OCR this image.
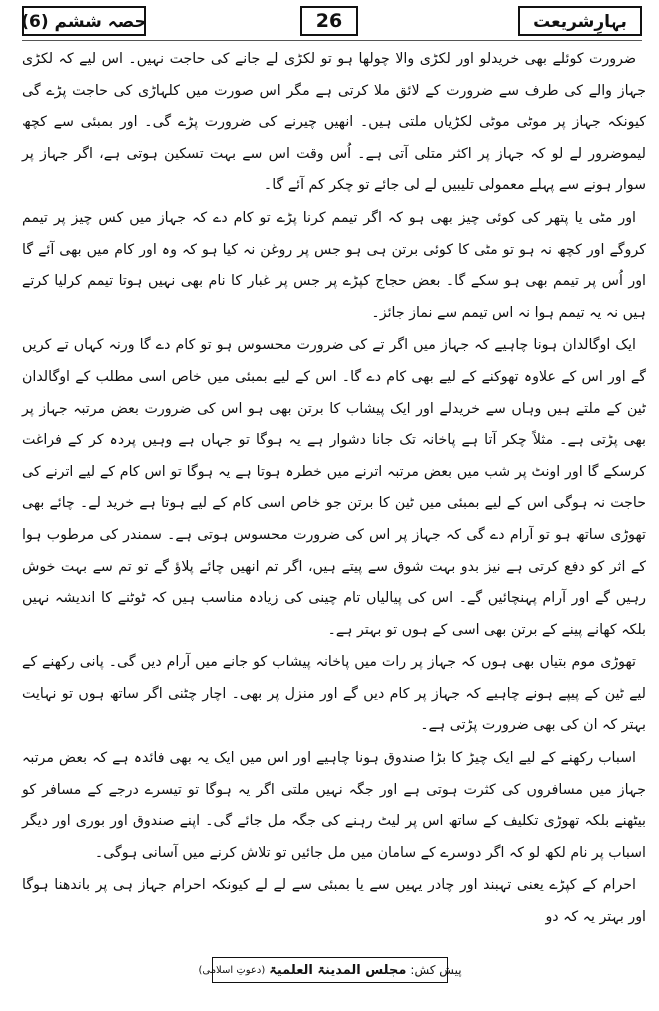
بہارِشریعت
26
حصہ ششم (6)

ضرورت کوئلے بھی خریدلو اور لکڑی والا چولھا ہو تو لکڑی لے جانے کی حاجت نہیں۔ اس لیے کہ لکڑی جہاز والے کی طرف سے ضرورت کے لائق ملا کرتی ہے مگر اس صورت میں کلہاڑی کی حاجت پڑے گی کیونکہ جہاز پر موٹی موٹی لکڑیاں ملتی ہیں۔ انھیں چیرنے کی ضرورت پڑے گی۔ اور بمبئی سے کچھ لیموضرور لے لو کہ جہاز پر اکثر متلی آتی ہے۔ اُس وقت اس سے بہت تسکین ہوتی ہے، اگر جہاز پر سوار ہونے سے پہلے معمولی تلیبیں لے لی جائے تو چکر کم آئے گا۔

اور مٹی یا پتھر کی کوئی چیز بھی ہو کہ اگر تیمم کرنا پڑے تو کام دے کہ جہاز میں کس چیز پر تیمم کروگے اور کچھ نہ ہو تو مٹی کا کوئی برتن ہی ہو جس پر روغن نہ کیا ہو کہ وہ اور کام میں بھی آئے گا اور اُس پر تیمم بھی ہو سکے گا۔ بعض حجاج کپڑے پر جس پر غبار کا نام بھی نہیں ہوتا تیمم کرلیا کرتے ہیں نہ یہ تیمم ہوا نہ اس تیمم سے نماز جائز۔

ایک اوگالدان ہونا چاہیے کہ جہاز میں اگر تے کی ضرورت محسوس ہو تو کام دے گا ورنہ کہاں تے کریں گے اور اس کے علاوہ تھوکنے کے لیے بھی کام دے گا۔ اس کے لیے بمبئی میں خاص اسی مطلب کے اوگالدان ٹین کے ملتے ہیں وہاں سے خریدلے اور ایک پیشاب کا برتن بھی ہو اس کی ضرورت بعض مرتبہ جہاز پر بھی پڑتی ہے۔ مثلاً چکر آتا ہے پاخانہ تک جانا دشوار ہے یہ ہوگا تو جہاں ہے وہیں پردہ کر کے فراغت کرسکے گا اور اونٹ پر شب میں بعض مرتبہ اترنے میں خطرہ ہوتا ہے یہ ہوگا تو اس کام کے لیے اترنے کی حاجت نہ ہوگی اس کے لیے بمبئی میں ٹین کا برتن جو خاص اسی کام کے لیے ہوتا ہے خرید لے۔ چائے بھی تھوڑی ساتھ ہو تو آرام دے گی کہ جہاز پر اس کی ضرورت محسوس ہوتی ہے۔ سمندر کی مرطوب ہوا کے اثر کو دفع کرتی ہے نیز بدو بہت شوق سے پیتے ہیں، اگر تم انھیں چائے پلاؤ گے تو تم سے بہت خوش رہیں گے اور آرام پہنچائیں گے۔ اس کی پیالیاں تام چینی کی زیادہ مناسب ہیں کہ ٹوٹنے کا اندیشہ نہیں بلکہ کھانے پینے کے برتن بھی اسی کے ہوں تو بہتر ہے۔

تھوڑی موم بتیاں بھی ہوں کہ جہاز پر رات میں پاخانہ پیشاب کو جانے میں آرام دیں گی۔ پانی رکھنے کے لیے ٹین کے پیپے ہونے چاہیے کہ جہاز پر کام دیں گے اور منزل پر بھی۔ اچار چٹنی اگر ساتھ ہوں تو نہایت بہتر کہ ان کی بھی ضرورت پڑتی ہے۔

اسباب رکھنے کے لیے ایک چیڑ کا بڑا صندوق ہونا چاہیے اور اس میں ایک یہ بھی فائدہ ہے کہ بعض مرتبہ جہاز میں مسافروں کی کثرت ہوتی ہے اور جگہ نہیں ملتی اگر یہ ہوگا تو تیسرے درجے کے مسافر کو بیٹھنے بلکہ تھوڑی تکلیف کے ساتھ اس پر لیٹ رہنے کی جگہ مل جائے گی۔ اپنے صندوق اور بوری اور دیگر اسباب پر نام لکھ لو کہ اگر دوسرے کے سامان میں مل جائیں تو تلاش کرنے میں آسانی ہوگی۔

احرام کے کپڑے یعنی تہبند اور چادر یہیں سے یا بمبئی سے لے لے کیونکہ احرام جہاز ہی پر باندھنا ہوگا اور بہتر یہ کہ دو

پیش کش:
مجلس المدینۃ العلمیۃ
(دعوتِ اسلامی)
